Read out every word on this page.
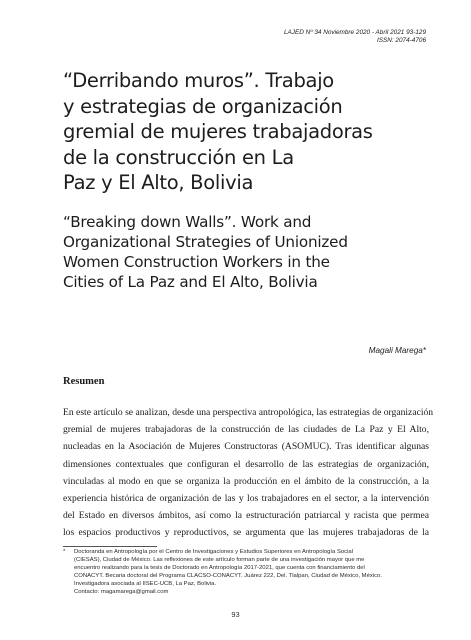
LAJED Nº 34 Noviembre 2020 - Abril 2021 93-129
ISSN: 2074-4706
“Derribando muros”. Trabajo
y estrategias de organización
gremial de mujeres trabajadoras
de la construcción en La
Paz y El Alto, Bolivia
“Breaking down Walls”. Work and
Organizational Strategies of Unionized
Women Construction Workers in the
Cities of La Paz and El Alto, Bolivia
Magali Marega*
Resumen

En este artículo se analizan, desde una perspectiva antropológica, las estrategias de organización
gremial de mujeres trabajadoras de la construcción de las ciudades de La Paz y El Alto,
nucleadas en la Asociación de Mujeres Constructoras (ASOMUC). Tras identificar algunas
dimensiones contextuales que configuran el desarrollo de las estrategias de organización,
vinculadas al modo en que se organiza la producción en el ámbito de la construcción, a la
experiencia histórica de organización de las y los trabajadores en el sector, a la intervención
del Estado en diversos ámbitos, así como la estructuración patriarcal y racista que permea
los espacios productivos y reproductivos, se argumenta que las mujeres trabajadoras de la

* Doctoranda en Antropología por el Centro de Investigaciones y Estudios Superiores en Antropología Social
(CIESAS), Ciudad de México. Las reflexiones de este artículo forman parte de una investigación mayor que me
encuentro realizando para la tesis de Doctorado en Antropología 2017-2021, que cuenta con financiamiento del
CONACYT. Becaria doctoral del Programa CLACSO-CONACYT. Juárez 222, Del. Tlalpan, Ciudad de México, México.
Investigadora asociada al IISEC-UCB, La Paz, Bolivia.
Contacto: magamarega@gmail.com
93
